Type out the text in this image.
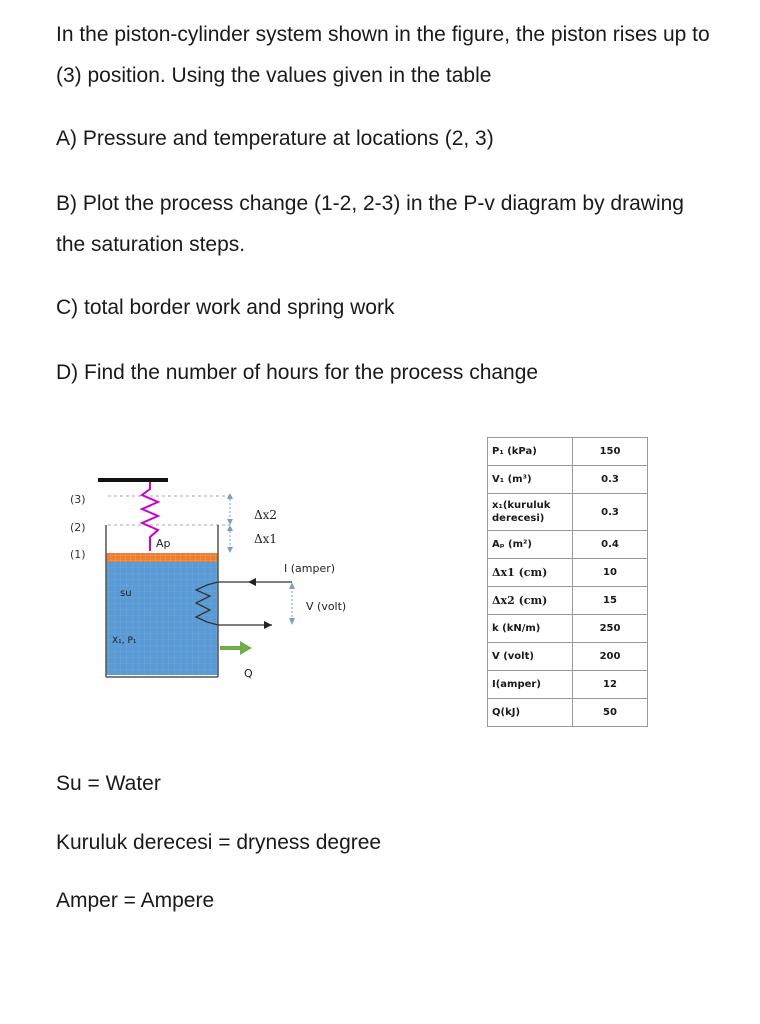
In the piston-cylinder system shown in the figure, the piston rises up to (3) position. Using the values given in the table

A) Pressure and temperature at locations (2, 3)

B) Plot the process change (1-2, 2-3) in the P-v diagram by drawing the saturation steps.

C) total border work and spring work

D) Find the number of hours for the process change

(3)
(2)
(1)
Ap
su
X₁, P₁
I (amper)
V (volt)
Δx2
Δx1
Q
P₁ (kPa)	150
V₁ (m³)	0.3
x₁(kuruluk derecesi)	0.3
Aₚ (m²)	0.4
Δx1 (cm)	10
Δx2 (cm)	15
k (kN/m)	250
V (volt)	200
I(amper)	12
Q(kJ)	50

Su = Water

Kuruluk derecesi = dryness degree

Amper = Ampere
